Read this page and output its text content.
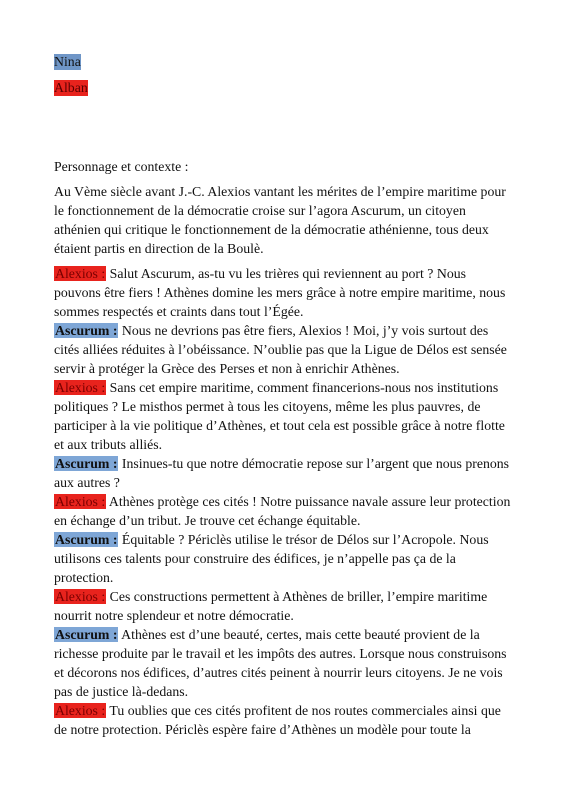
Nina
Alban
Personnage et contexte :
Au Vème siècle avant J.-C. Alexios vantant les mérites de l’empire maritime pour le fonctionnement de la démocratie croise sur l’agora Ascurum, un citoyen athénien qui critique le fonctionnement de la démocratie athénienne, tous deux étaient partis en direction de la Boulè.

Alexios : Salut Ascurum, as-tu vu les trières qui reviennent au port ? Nous pouvons être fiers ! Athènes domine les mers grâce à notre empire maritime, nous sommes respectés et craints dans tout l’Égée.

Ascurum : Nous ne devrions pas être fiers, Alexios ! Moi, j’y vois surtout des cités alliées réduites à l’obéissance. N’oublie pas que la Ligue de Délos est sensée servir à protéger la Grèce des Perses et non à enrichir Athènes.

Alexios : Sans cet empire maritime, comment financerions-nous nos institutions politiques ? Le misthos permet à tous les citoyens, même les plus pauvres, de participer à la vie politique d’Athènes, et tout cela est possible grâce à notre flotte et aux tributs alliés.

Ascurum : Insinues-tu que notre démocratie repose sur l’argent que nous prenons aux autres ?

Alexios : Athènes protège ces cités ! Notre puissance navale assure leur protection en échange d’un tribut. Je trouve cet échange équitable.

Ascurum : Équitable ? Périclès utilise le trésor de Délos sur l’Acropole. Nous utilisons ces talents pour construire des édifices, je n’appelle pas ça de la protection.

Alexios : Ces constructions permettent à Athènes de briller, l’empire maritime nourrit notre splendeur et notre démocratie.

Ascurum : Athènes est d’une beauté, certes, mais cette beauté provient de la richesse produite par le travail et les impôts des autres. Lorsque nous construisons et décorons nos édifices, d’autres cités peinent à nourrir leurs citoyens. Je ne vois pas de justice là-dedans.

Alexios : Tu oublies que ces cités profitent de nos routes commerciales ainsi que de notre protection. Périclès espère faire d’Athènes un modèle pour toute la
